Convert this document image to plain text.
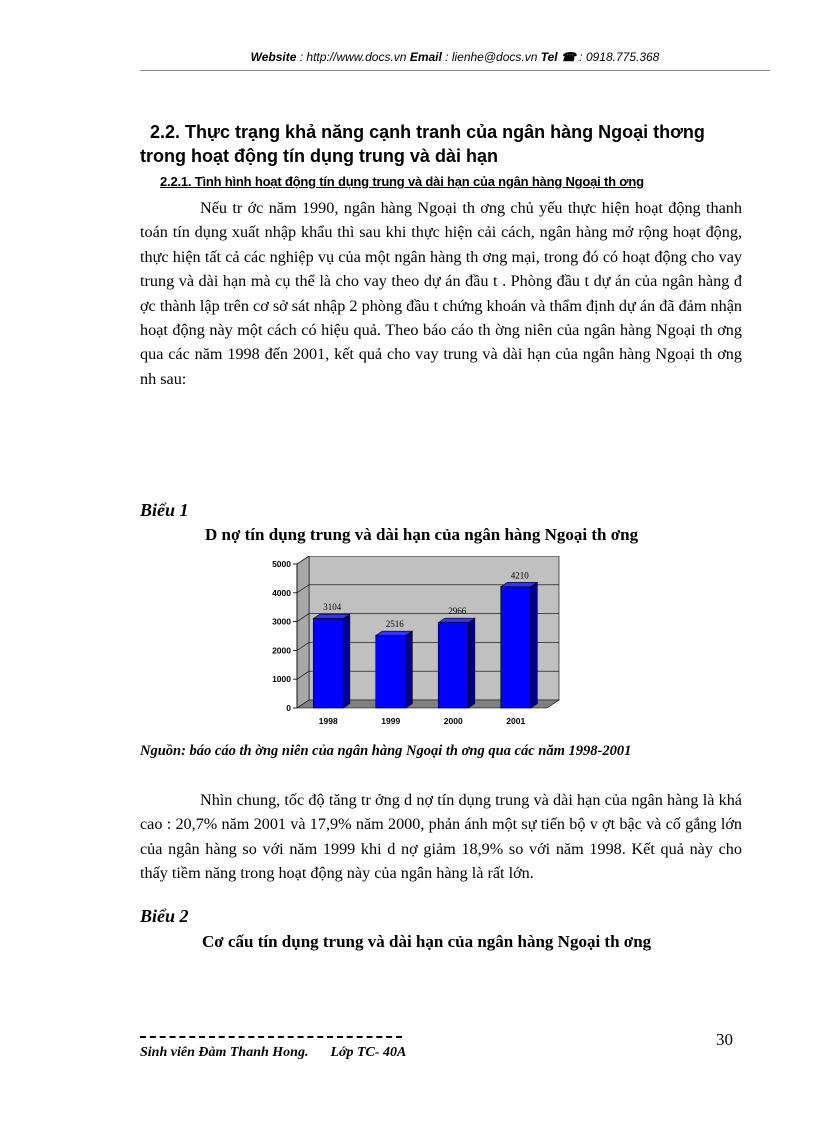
Website : http://www.docs.vn Email : lienhe@docs.vn Tel ☎ : 0918.775.368
2.2. Thực trạng khả năng cạnh tranh của ngân hàng Ngoại thơng
trong hoạt động tín dụng trung và dài hạn
2.2.1. Tình hình hoạt động tín dụng trung và dài hạn của ngân hàng Ngoại th ơng

Nếu tr ớc năm 1990, ngân hàng Ngoại th ơng chủ yếu thực hiện hoạt động thanh toán tín dụng xuất nhập khẩu thì sau khi thực hiện cải cách, ngân hàng mở rộng hoạt động, thực hiện tất cả các nghiệp vụ của một ngân hàng th ơng mại, trong đó có hoạt động cho vay trung và dài hạn mà cụ thể là cho vay theo dự án đầu t . Phòng đầu t dự án của ngân hàng đ ợc thành lập trên cơ sở sát nhập 2 phòng đầu t chứng khoán và thẩm định dự án đã đảm nhận hoạt động này một cách có hiệu quả. Theo báo cáo th ờng niên của ngân hàng Ngoại th ơng qua các năm 1998 đến 2001, kết quả cho vay trung và dài hạn của ngân hàng Ngoại th ơng nh sau:

Biểu 1
D nợ tín dụng trung và dài hạn của ngân hàng Ngoại th ơng
0
1000
2000
3000
4000
5000
3104
1998
2516
1999
2966
2000
4210
2001
Nguồn: báo cáo th ờng niên của ngân hàng Ngoại th ơng qua các năm 1998-2001

Nhìn chung, tốc độ tăng tr ởng d nợ tín dụng trung và dài hạn của ngân hàng là khá cao : 20,7% năm 2001 và 17,9% năm 2000, phản ánh một sự tiến bộ v ợt bậc và cố gắng lớn của ngân hàng so với năm 1999 khi d nợ giảm 18,9% so với năm 1998. Kết quả này cho thấy tiềm năng trong hoạt động này của ngân hàng là rất lớn.

Biểu 2
Cơ cấu tín dụng trung và dài hạn của ngân hàng Ngoại th ơng
Sinh viên Đàm Thanh Hong. Lớp TC- 40A
30
